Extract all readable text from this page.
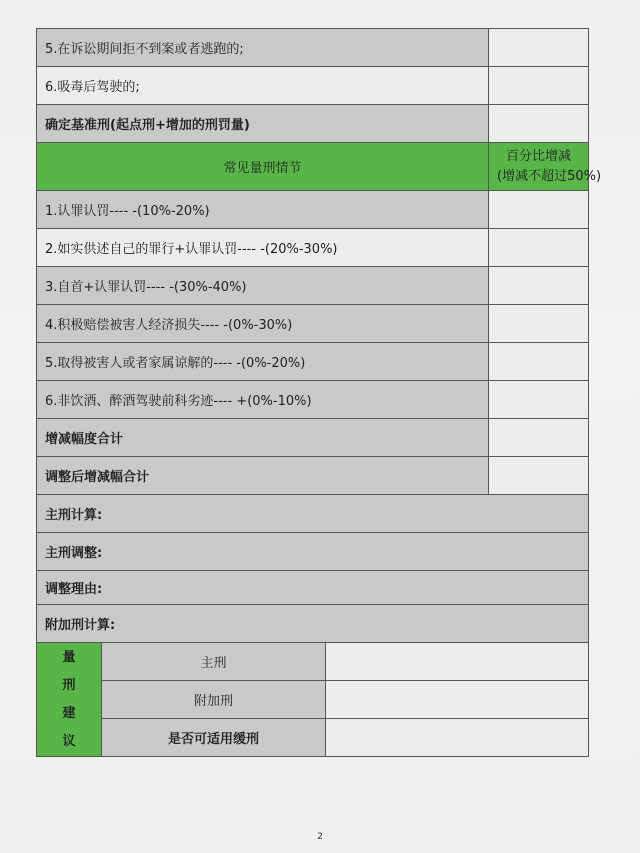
5.在诉讼期间拒不到案或者逃跑的;			
6.吸毒后驾驶的;			
确定基准刑(起点刑+增加的刑罚量)			
常见量刑情节			百分比增减
(增减不超过50%)

1.认罪认罚---- -(10%-20%)			
2.如实供述自己的罪行+认罪认罚---- -(20%-30%)			
3.自首+认罪认罚---- -(30%-40%)			
4.积极赔偿被害人经济损失---- -(0%-30%)			
5.取得被害人或者家属谅解的---- -(0%-20%)			
6.非饮酒、醉酒驾驶前科劣迹---- +(0%-10%)			
增减幅度合计			
调整后增减幅合计			
主刑计算:			
主刑调整:			
调整理由:			
附加刑计算:			

量
刑
建
议	主刑		
	附加刑		
	是否可适用缓刑		
2
